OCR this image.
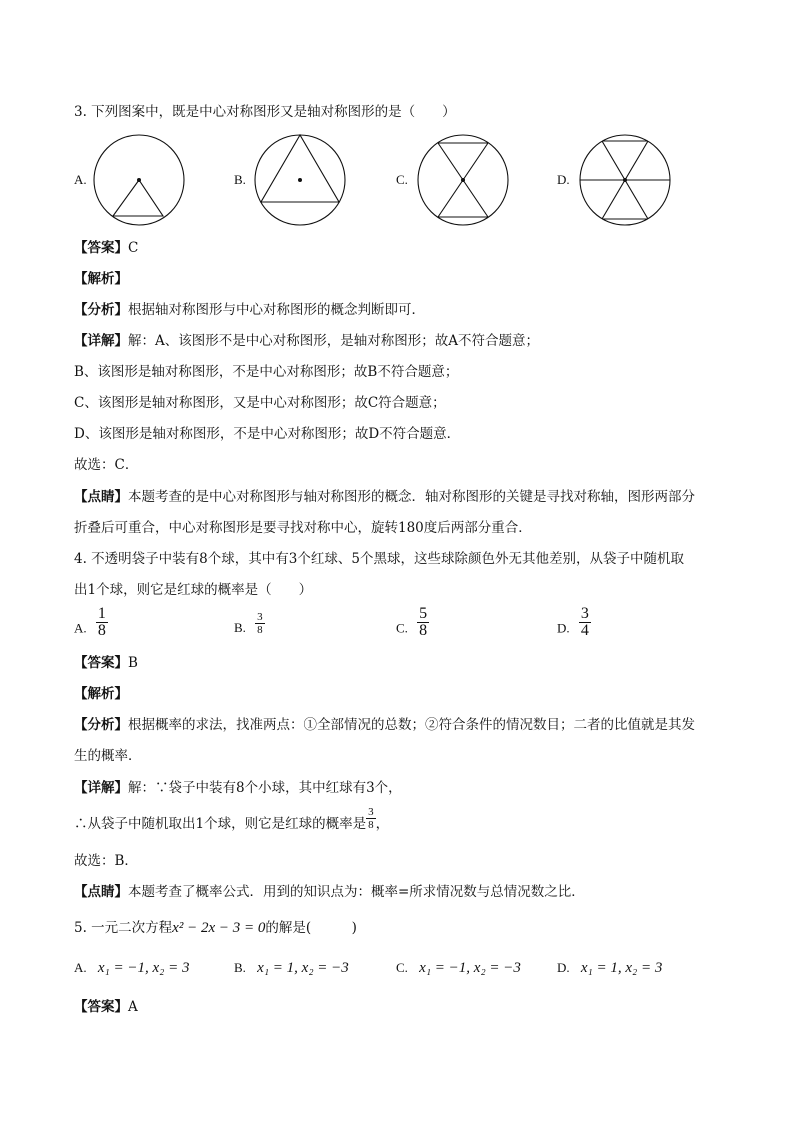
3. 下列图案中，既是中心对称图形又是轴对称图形的是（　　）
A.	B.	C.	D.
【答案】C
【解析】
【分析】根据轴对称图形与中心对称图形的概念判断即可．
【详解】解：A、该图形不是中心对称图形，是轴对称图形；故A不符合题意；
B、该图形是轴对称图形，不是中心对称图形；故B不符合题意；
C、该图形是轴对称图形，又是中心对称图形；故C符合题意；
D、该图形是轴对称图形，不是中心对称图形；故D不符合题意．
故选：C．
【点睛】本题考查的是中心对称图形与轴对称图形的概念．轴对称图形的关键是寻找对称轴，图形两部分
折叠后可重合，中心对称图形是要寻找对称中心，旋转180度后两部分重合．
4. 不透明袋子中装有8个球，其中有3个红球、5个黑球，这些球除颜色外无其他差别，从袋子中随机取
出1个球，则它是红球的概率是（　　）
A. $\frac{1}{8}$	B. $\frac{3}{8}$	C. $\frac{5}{8}$	D. $\frac{3}{4}$
【答案】B
【解析】
【分析】根据概率的求法，找准两点：①全部情况的总数；②符合条件的情况数目；二者的比值就是其发
生的概率．
【详解】解：∵袋子中装有8个小球，其中红球有3个，
∴从袋子中随机取出1个球，则它是红球的概率是 $\frac{3}{8}$ ，
故选：B．
【点睛】本题考查了概率公式．用到的知识点为：概率=所求情况数与总情况数之比．
5. 一元二次方程x² − 2x − 3 = 0的解是(　　　)
A. x₁ = −1, x₂ = 3	B. x₁ = 1, x₂ = −3	C. x₁ = −1, x₂ = −3	D. x₁ = 1, x₂ = 3
【答案】A
